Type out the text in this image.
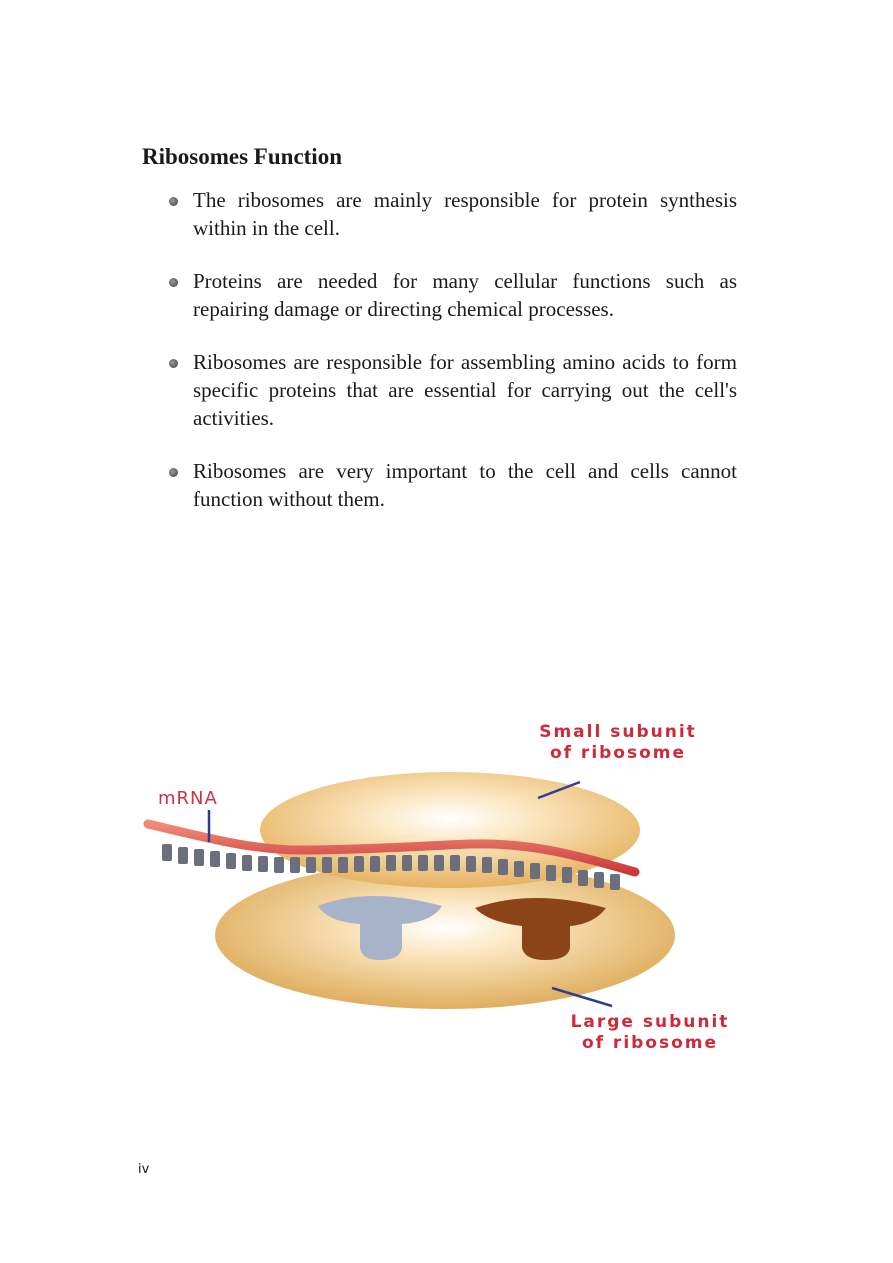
Ribosomes Function
The ribosomes are mainly responsible for protein synthesis within in the cell.
Proteins are needed for many cellular functions such as repairing damage or directing chemical processes.
Ribosomes are responsible for assembling amino acids to form specific proteins that are essential for carrying out the cell's activities.
Ribosomes are very important to the cell and cells cannot function without them.
Small subunit
of ribosome
Large subunit
of ribosome
mRNA
iv
